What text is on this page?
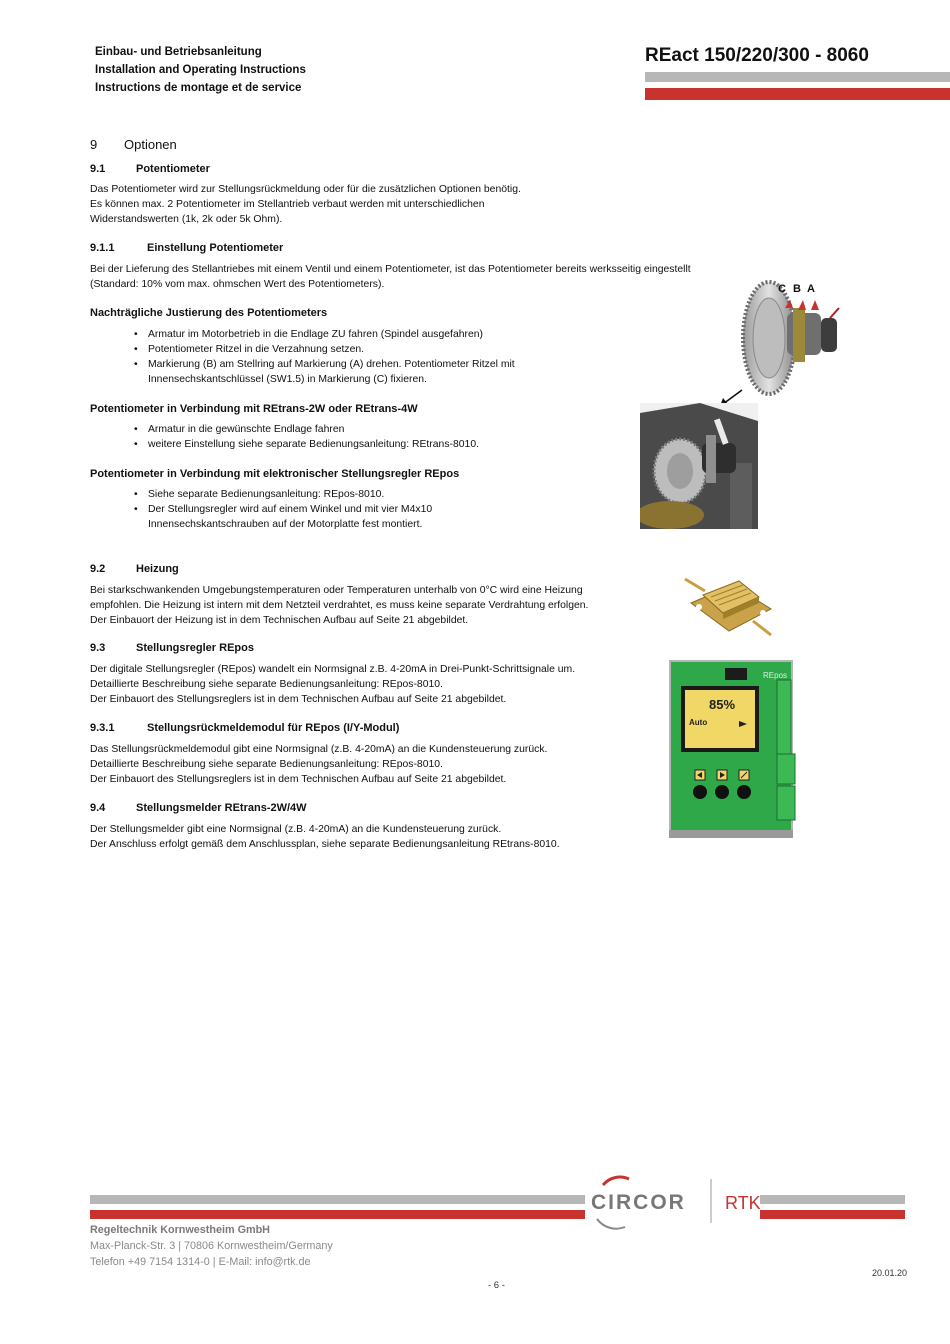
Einbau- und Betriebsanleitung
Installation and Operating Instructions
Instructions de montage et de service
REact 150/220/300 - 8060
9 Optionen
9.1	Potentiometer
Das Potentiometer wird zur Stellungsrückmeldung oder für die zusätzlichen Optionen benötig.
Es können max. 2 Potentiometer im Stellantrieb verbaut werden mit unterschiedlichen
Widerstandswerten (1k, 2k oder 5k Ohm).
9.1.1	Einstellung Potentiometer
Bei der Lieferung des Stellantriebes mit einem Ventil und einem Potentiometer, ist das Potentiometer bereits werksseitig eingestellt
(Standard: 10% vom max. ohmschen Wert des Potentiometers).
Nachträgliche Justierung des Potentiometers
• Armatur im Motorbetrieb in die Endlage ZU fahren (Spindel ausgefahren)
• Potentiometer Ritzel in die Verzahnung setzen.
• Markierung (B) am Stellring auf Markierung (A) drehen. Potentiometer Ritzel mit Innensechskantschlüssel (SW1.5) in Markierung (C) fixieren.
Potentiometer in Verbindung mit REtrans-2W oder REtrans-4W
• Armatur in die gewünschte Endlage fahren
• weitere Einstellung siehe separate Bedienungsanleitung: REtrans-8010.
Potentiometer in Verbindung mit elektronischer Stellungsregler REpos
• Siehe separate Bedienungsanleitung: REpos-8010.
• Der Stellungsregler wird auf einem Winkel und mit vier M4x10 Innensechskantschrauben auf der Motorplatte fest montiert.
9.2	Heizung
Bei starkschwankenden Umgebungstemperaturen oder Temperaturen unterhalb von 0°C wird eine Heizung
empfohlen. Die Heizung ist intern mit dem Netzteil verdrahtet, es muss keine separate Verdrahtung erfolgen.
Der Einbauort der Heizung ist in dem Technischen Aufbau auf Seite 21 abgebildet.
9.3	Stellungsregler REpos
Der digitale Stellungsregler (REpos) wandelt ein Normsignal z.B. 4-20mA in Drei-Punkt-Schrittsignale um.
Detaillierte Beschreibung siehe separate Bedienungsanleitung: REpos-8010.
Der Einbauort des Stellungsreglers ist in dem Technischen Aufbau auf Seite 21 abgebildet.
9.3.1	Stellungsrückmeldemodul für REpos (I/Y-Modul)
Das Stellungsrückmeldemodul gibt eine Normsignal (z.B. 4-20mA) an die Kundensteuerung zurück.
Detaillierte Beschreibung siehe separate Bedienungsanleitung: REpos-8010.
Der Einbauort des Stellungsreglers ist in dem Technischen Aufbau auf Seite 21 abgebildet.
9.4	Stellungsmelder REtrans-2W/4W
Der Stellungsmelder gibt eine Normsignal (z.B. 4-20mA) an die Kundensteuerung zurück.
Der Anschluss erfolgt gemäß dem Anschlussplan, siehe separate Bedienungsanleitung REtrans-8010.
C B A
REpos
85%
Auto
CIRCOR RTK
Regeltechnik Kornwestheim GmbH
Max-Planck-Str. 3 | 70806 Kornwestheim/Germany
Telefon +49 7154 1314-0 | E-Mail: info@rtk.de
20.01.20
- 6 -
